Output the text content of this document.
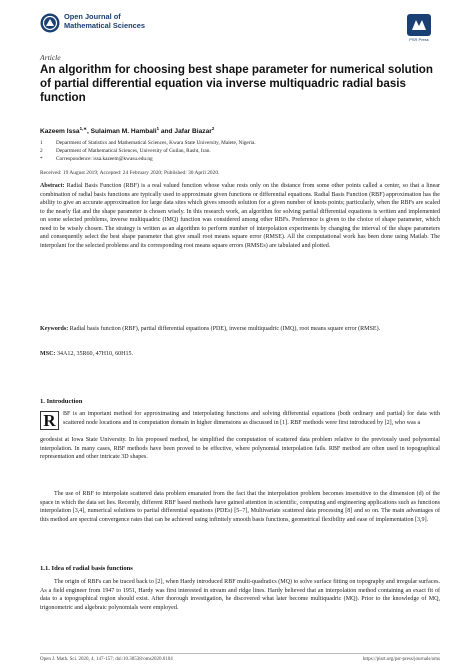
Open Journal of
Mathematical Sciences
PSR Press
Article
An algorithm for choosing best shape parameter for numerical solution of partial differential equation via inverse multiquadric radial basis function
Kazeem Issa$^{1,∗}$, Sulaiman M. Hambali$^1$ and Jafar Biazar$^2$
1	Department of Statistics and Mathematical Sciences, Kwara State University, Malete, Nigeria.
2	Department of Mathematical Sciences, University of Guilan, Rasht, Iran.
*	Correspondence: issa.kazeem@kwasu.edu.ng
Received: 19 August 2019; Accepted: 24 February 2020; Published: 30 April 2020.
Abstract: Radial Basis Function (RBF) is a real valued function whose value rests only on the distance from some other points called a center, so that a linear combination of radial basis functions are typically used to approximate given functions or differential equations. Radial Basis Function (RBF) approximation has the ability to give an accurate approximation for large data sites which gives smooth solution for a given number of knots points; particularly, when the RBFs are scaled to the nearly flat and the shape parameter is chosen wisely. In this research work, an algorithm for solving partial differential equations is written and implemented on some selected problems, inverse multiquadric (IMQ) function was considered among other RBFs. Preference is given to the choice of shape parameter, which need to be wisely chosen. The strategy is written as an algorithm to perform number of interpolation experiments by changing the interval of the shape parameters and consequently select the best shape parameter that give small root means square error (RMSE). All the computational work has been done using Matlab. The interpolant for the selected problems and its corresponding root means square errors (RMSEs) are tabulated and plotted.
Keywords: Radial basis function (RBF), partial differential equations (PDE), inverse multiquadric (IMQ), root means square error (RMSE).
MSC: 34A12, 35R60, 47H10, 60H15.
1. Introduction
R	BF is an important method for approximating and interpolating functions and solving differential equations (both ordinary and partial) for data with scattered node locations and in computation domain in higher dimensions as discussed in [1]. RBF methods were first introduced by [2], who was a
geodesist at Iowa State University. In his proposed method, he simplified the computation of scattered data problem relative to the previously used polynomial interpolation. In many cases, RBF methods have been proved to be effective, where polynomial interpolation fails. RBF method are often used in topographical representation and other intricate 3D shapes.
The use of RBF to interpolate scattered data problem emanated from the fact that the interpolation problem becomes insensitive to the dimension (d) of the space in which the data set lies. Recently, different RBF based methods have gained attention in scientific, computing and engineering applications such as functions interpolation [3,4], numerical solutions to partial differential equations (PDEs) [5–7], Multivariate scattered data processing [8] and so on. The main advantages of this method are spectral convergence rates that can be achieved using infinitely smooth basis functions, geometrical flexibility and ease of implementation [3,9].
1.1. Idea of radial basis functions
The origin of RBFs can be traced back to [2], when Hardy introduced RBF multi-quadratics (MQ) to solve surface fitting on topography and irregular surfaces. As a field engineer from 1947 to 1951, Hardy was first interested in stream and ridge lines. Hardy believed that an interpolation method containing an exact fit of data to a topographical region should exist. After thorough investigation, he discovered what later become multiquadric (MQ). Prior to the knowledge of MQ, trigonometric and algebraic polynomials were employed.
Open J. Math. Sci. 2020, 4, 147-157; doi:10.30538/oms2020.0104	https://pisrt.org/psr-press/journals/oms
